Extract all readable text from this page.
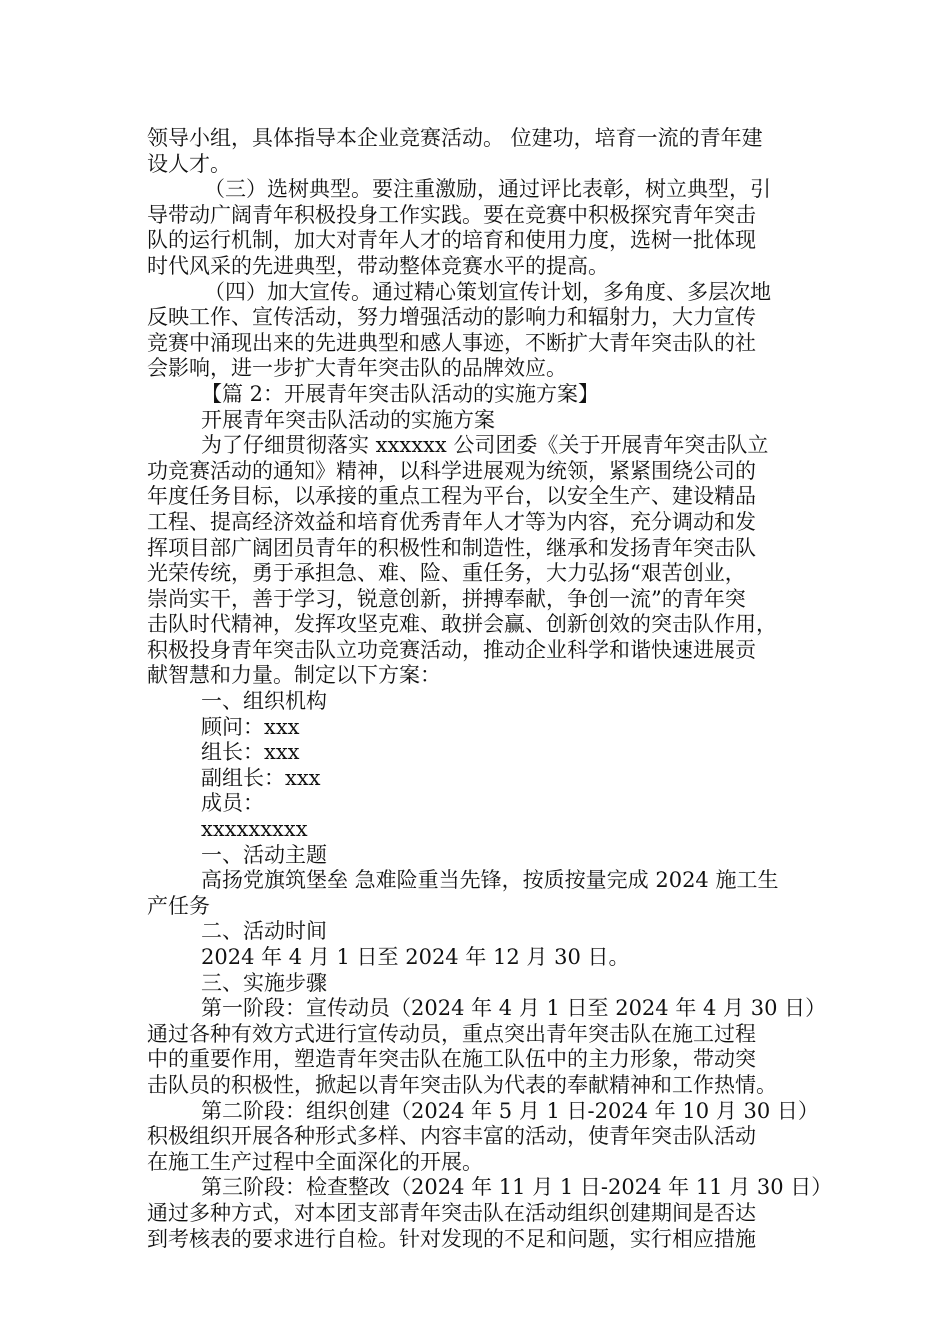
领导小组，具体指导本企业竞赛活动。 位建功，培育一流的青年建
设人才。
（三）选树典型。要注重激励，通过评比表彰，树立典型，引
导带动广阔青年积极投身工作实践。要在竞赛中积极探究青年突击
队的运行机制，加大对青年人才的培育和使用力度，选树一批体现
时代风采的先进典型，带动整体竞赛水平的提高。
（四）加大宣传。通过精心策划宣传计划，多角度、多层次地
反映工作、宣传活动，努力增强活动的影响力和辐射力，大力宣传
竞赛中涌现出来的先进典型和感人事迹，不断扩大青年突击队的社
会影响，进一步扩大青年突击队的品牌效应。
【篇 2：开展青年突击队活动的实施方案】
开展青年突击队活动的实施方案
为了仔细贯彻落实 xxxxxx 公司团委《关于开展青年突击队立
功竞赛活动的通知》精神，以科学进展观为统领，紧紧围绕公司的
年度任务目标，以承接的重点工程为平台，以安全生产、建设精品
工程、提高经济效益和培育优秀青年人才等为内容，充分调动和发
挥项目部广阔团员青年的积极性和制造性，继承和发扬青年突击队
光荣传统，勇于承担急、难、险、重任务，大力弘扬“艰苦创业，
崇尚实干，善于学习，锐意创新，拼搏奉献，争创一流”的青年突
击队时代精神，发挥攻坚克难、敢拼会赢、创新创效的突击队作用，
积极投身青年突击队立功竞赛活动，推动企业科学和谐快速进展贡
献智慧和力量。制定以下方案：
一、组织机构
顾问：xxx
组长：xxx
副组长：xxx
成员：
xxxxxxxxx
一、活动主题
高扬党旗筑堡垒 急难险重当先锋，按质按量完成 2024 施工生
产任务
二、活动时间
2024 年 4 月 1 日至 2024 年 12 月 30 日。
三、实施步骤
第一阶段：宣传动员（2024 年 4 月 1 日至 2024 年 4 月 30 日）
通过各种有效方式进行宣传动员，重点突出青年突击队在施工过程
中的重要作用，塑造青年突击队在施工队伍中的主力形象，带动突
击队员的积极性，掀起以青年突击队为代表的奉献精神和工作热情。
第二阶段：组织创建（2024 年 5 月 1 日-2024 年 10 月 30 日）
积极组织开展各种形式多样、内容丰富的活动，使青年突击队活动
在施工生产过程中全面深化的开展。
第三阶段：检查整改（2024 年 11 月 1 日-2024 年 11 月 30 日）
通过多种方式，对本团支部青年突击队在活动组织创建期间是否达
到考核表的要求进行自检。针对发现的不足和问题，实行相应措施
